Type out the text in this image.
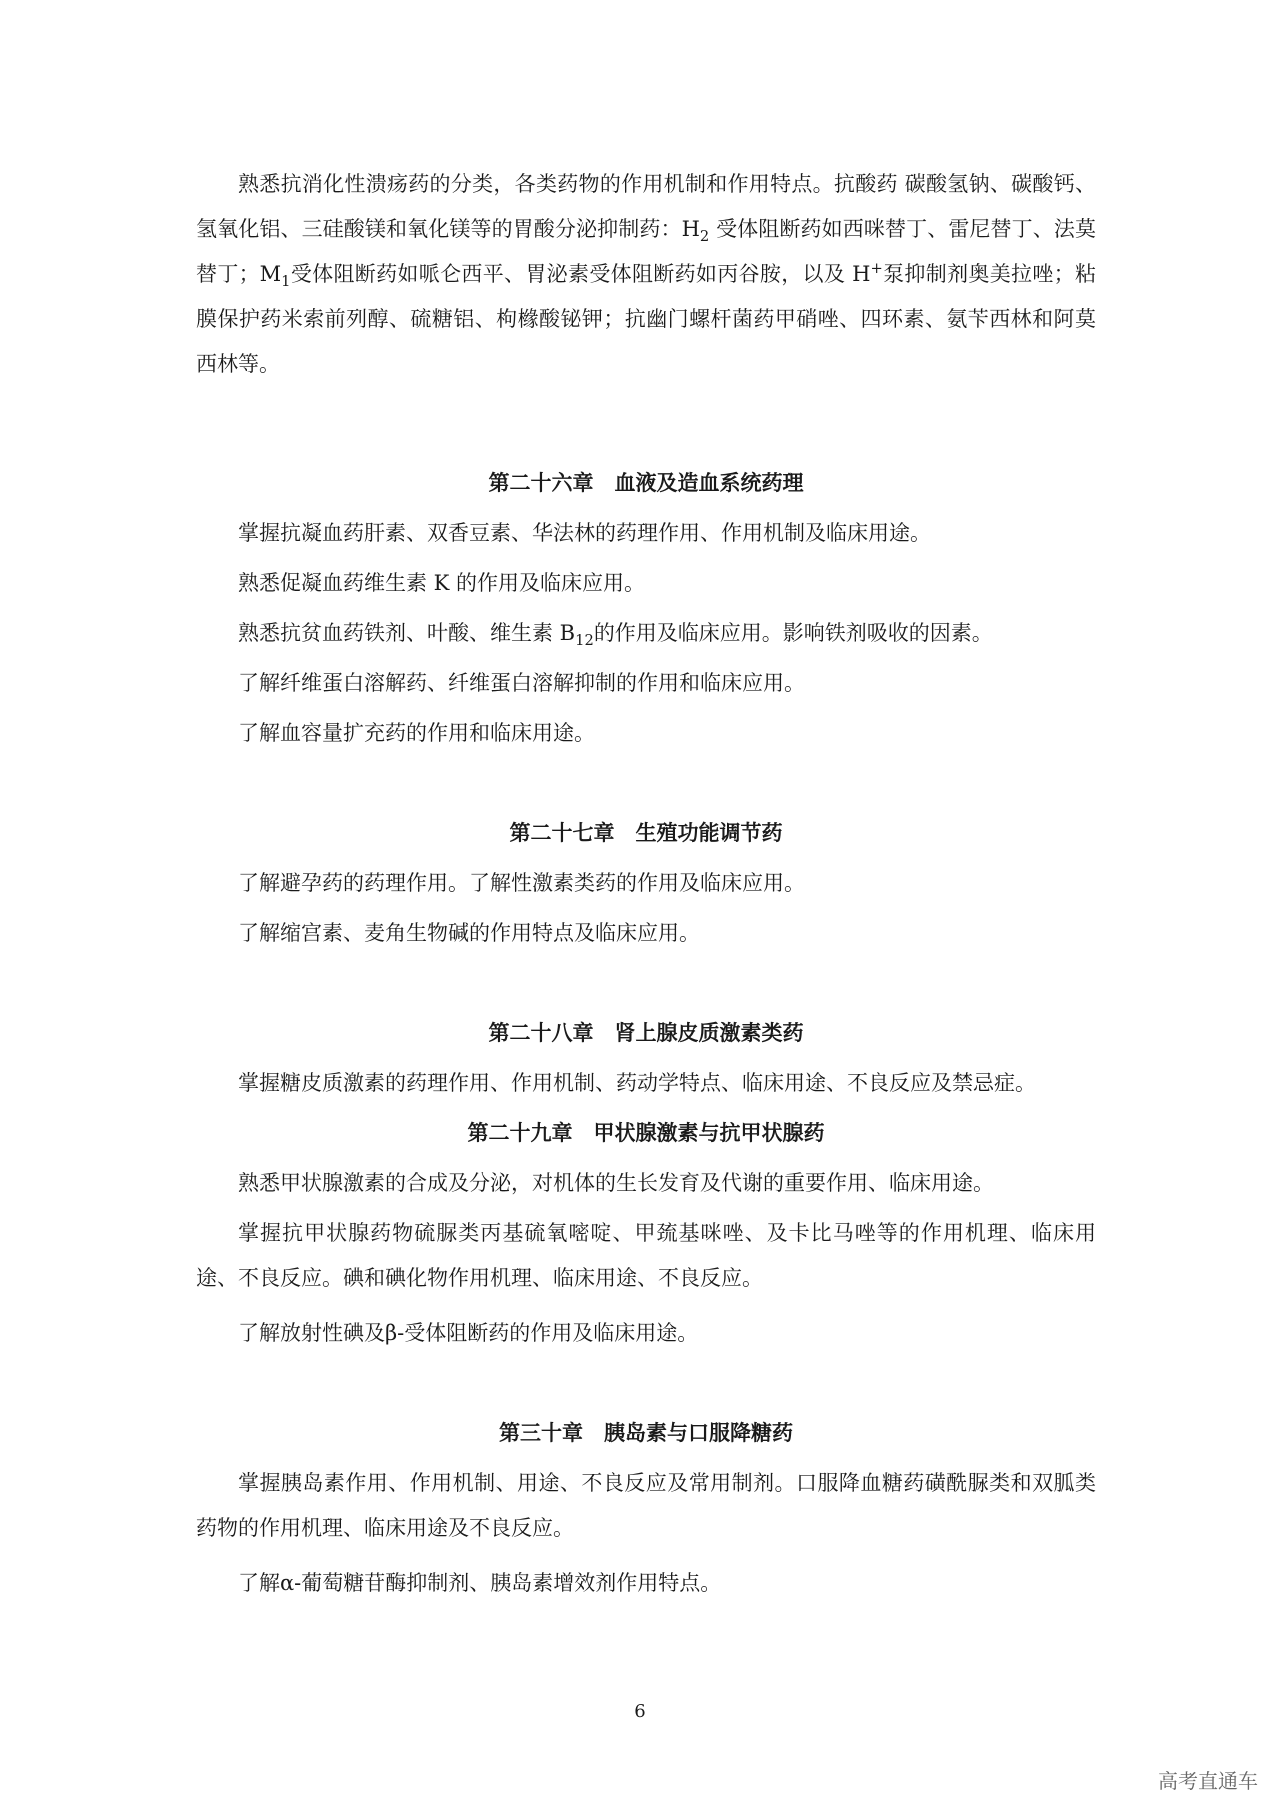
熟悉抗消化性溃疡药的分类，各类药物的作用机制和作用特点。抗酸药 碳酸氢钠、碳酸钙、氢氧化铝、三硅酸镁和氧化镁等的胃酸分泌抑制药：$H_2$ 受体阻断药如西咪替丁、雷尼替丁、法莫替丁；$M_1$受体阻断药如哌仑西平、胃泌素受体阻断药如丙谷胺，以及 H+泵抑制剂奥美拉唑；粘膜保护药米索前列醇、硫糖铝、枸橼酸铋钾；抗幽门螺杆菌药甲硝唑、四环素、氨苄西林和阿莫西林等。

第二十六章　血液及造血系统药理

掌握抗凝血药肝素、双香豆素、华法林的药理作用、作用机制及临床用途。

熟悉促凝血药维生素 K 的作用及临床应用。

熟悉抗贫血药铁剂、叶酸、维生素 $B_{12}$的作用及临床应用。影响铁剂吸收的因素。

了解纤维蛋白溶解药、纤维蛋白溶解抑制的作用和临床应用。

了解血容量扩充药的作用和临床用途。

第二十七章　生殖功能调节药

了解避孕药的药理作用。了解性激素类药的作用及临床应用。

了解缩宫素、麦角生物碱的作用特点及临床应用。

第二十八章　肾上腺皮质激素类药

掌握糖皮质激素的药理作用、作用机制、药动学特点、临床用途、不良反应及禁忌症。

第二十九章　甲状腺激素与抗甲状腺药

熟悉甲状腺激素的合成及分泌，对机体的生长发育及代谢的重要作用、临床用途。

掌握抗甲状腺药物硫脲类丙基硫氧嘧啶、甲巯基咪唑、及卡比马唑等的作用机理、临床用途、不良反应。碘和碘化物作用机理、临床用途、不良反应。

了解放射性碘及β-受体阻断药的作用及临床用途。

第三十章　胰岛素与口服降糖药

掌握胰岛素作用、作用机制、用途、不良反应及常用制剂。口服降血糖药磺酰脲类和双胍类药物的作用机理、临床用途及不良反应。

了解α-葡萄糖苷酶抑制剂、胰岛素增效剂作用特点。

6
高考直通车
